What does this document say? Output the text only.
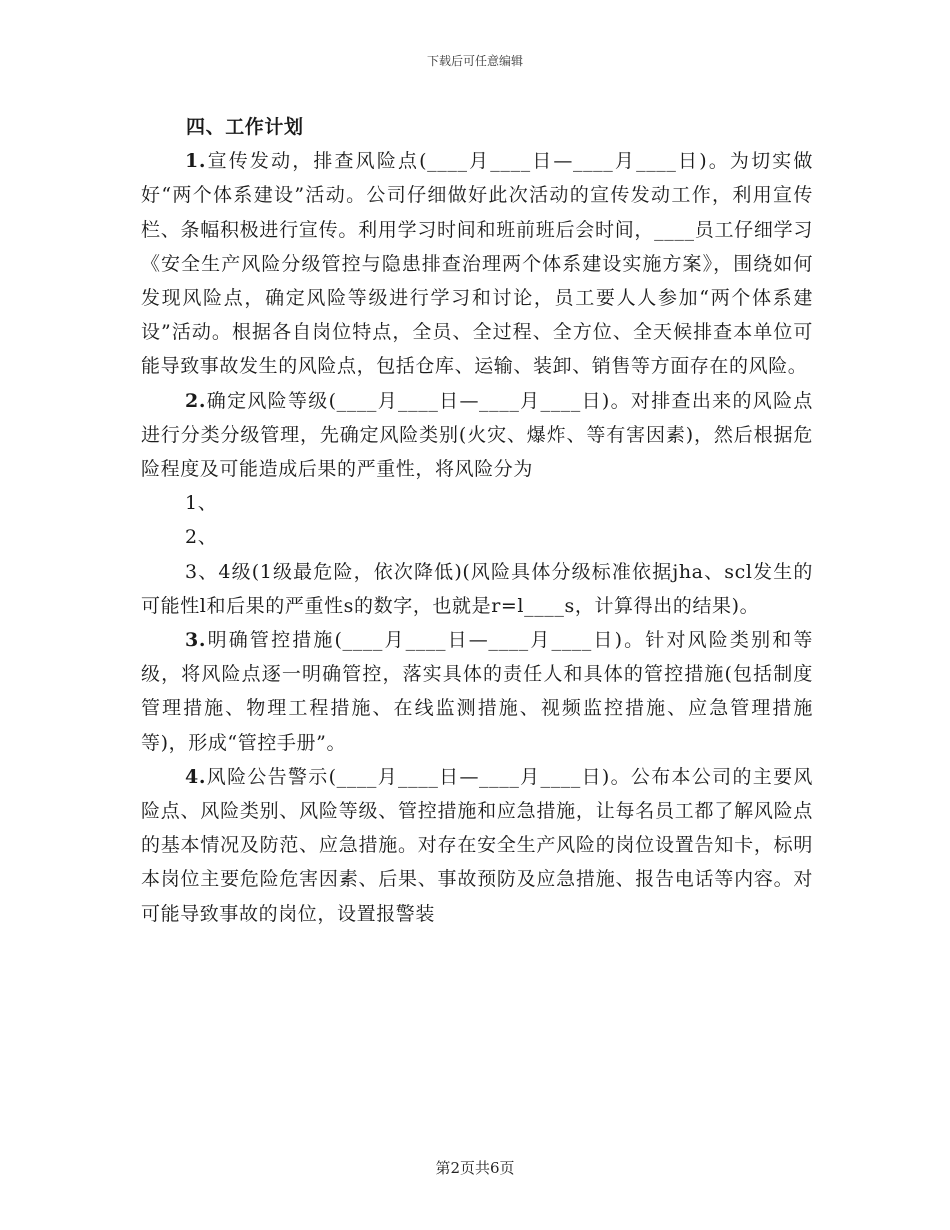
下载后可任意编辑

四、工作计划

1.宣传发动，排查风险点(____月____日—____月____日)。为切实做好“两个体系建设”活动。公司仔细做好此次活动的宣传发动工作，利用宣传栏、条幅积极进行宣传。利用学习时间和班前班后会时间，____员工仔细学习《安全生产风险分级管控与隐患排查治理两个体系建设实施方案》，围绕如何发现风险点，确定风险等级进行学习和讨论，员工要人人参加“两个体系建设”活动。根据各自岗位特点，全员、全过程、全方位、全天候排查本单位可能导致事故发生的风险点，包括仓库、运输、装卸、销售等方面存在的风险。

2.确定风险等级(____月____日—____月____日)。对排查出来的风险点进行分类分级管理，先确定风险类别(火灾、爆炸、等有害因素)，然后根据危险程度及可能造成后果的严重性，将风险分为

1、

2、

3、4级(1级最危险，依次降低)(风险具体分级标准依据jha、scl发生的可能性l和后果的严重性s的数字，也就是r=l____s，计算得出的结果)。

3.明确管控措施(____月____日—____月____日)。针对风险类别和等级，将风险点逐一明确管控，落实具体的责任人和具体的管控措施(包括制度管理措施、物理工程措施、在线监测措施、视频监控措施、应急管理措施等)，形成“管控手册”。

4.风险公告警示(____月____日—____月____日)。公布本公司的主要风险点、风险类别、风险等级、管控措施和应急措施，让每名员工都了解风险点的基本情况及防范、应急措施。对存在安全生产风险的岗位设置告知卡，标明本岗位主要危险危害因素、后果、事故预防及应急措施、报告电话等内容。对可能导致事故的岗位，设置报警装

第2页共6页
